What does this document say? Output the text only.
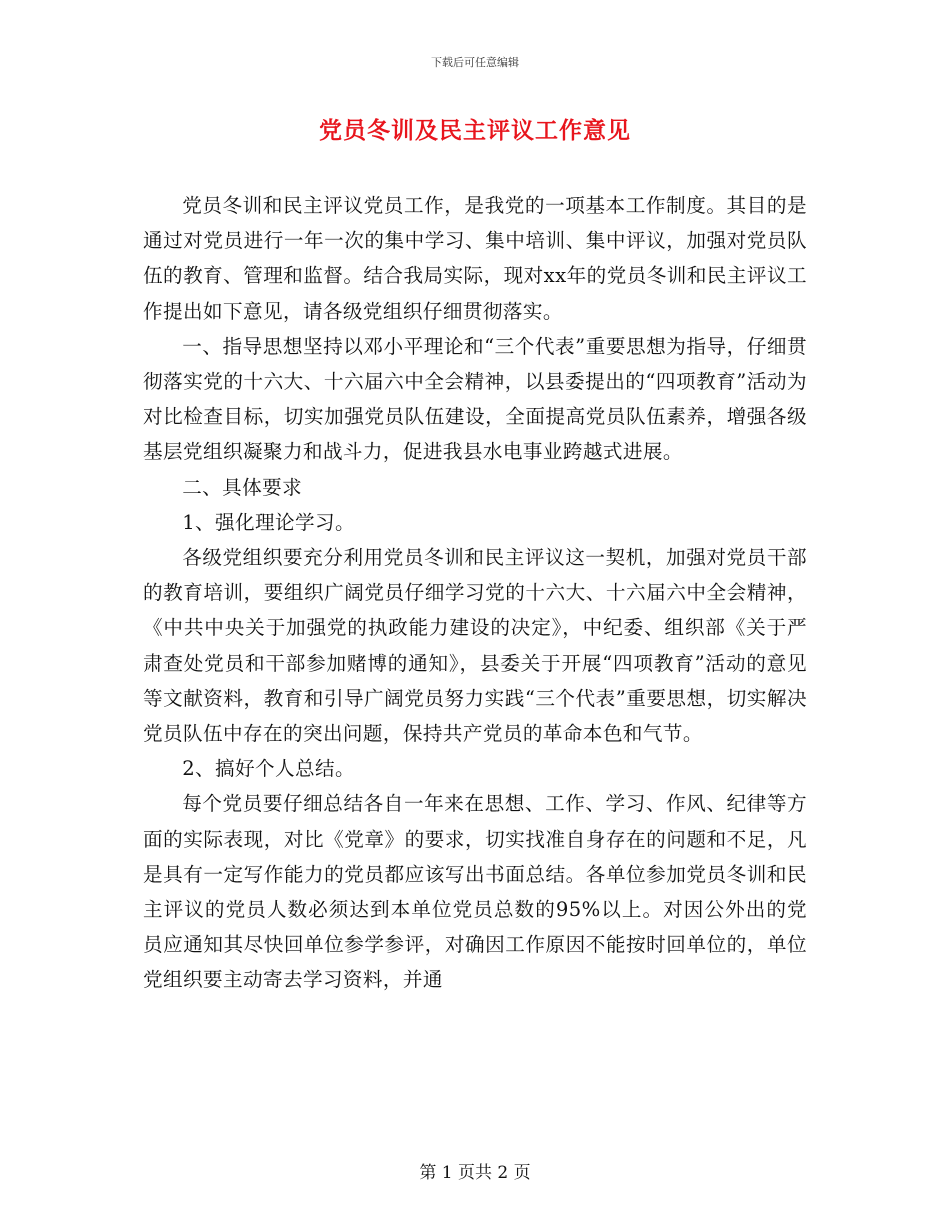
下载后可任意编辑
党员冬训及民主评议工作意见

党员冬训和民主评议党员工作，是我党的一项基本工作制度。其目的是通过对党员进行一年一次的集中学习、集中培训、集中评议，加强对党员队伍的教育、管理和监督。结合我局实际，现对xx年的党员冬训和民主评议工作提出如下意见，请各级党组织仔细贯彻落实。

一、指导思想坚持以邓小平理论和“三个代表”重要思想为指导，仔细贯彻落实党的十六大、十六届六中全会精神，以县委提出的“四项教育”活动为对比检查目标，切实加强党员队伍建设，全面提高党员队伍素养，增强各级基层党组织凝聚力和战斗力，促进我县水电事业跨越式进展。

二、具体要求

1、强化理论学习。

各级党组织要充分利用党员冬训和民主评议这一契机，加强对党员干部的教育培训，要组织广阔党员仔细学习党的十六大、十六届六中全会精神，《中共中央关于加强党的执政能力建设的决定》，中纪委、组织部《关于严肃查处党员和干部参加赌博的通知》，县委关于开展“四项教育”活动的意见等文献资料，教育和引导广阔党员努力实践“三个代表”重要思想，切实解决党员队伍中存在的突出问题，保持共产党员的革命本色和气节。

2、搞好个人总结。

每个党员要仔细总结各自一年来在思想、工作、学习、作风、纪律等方面的实际表现，对比《党章》的要求，切实找准自身存在的问题和不足，凡是具有一定写作能力的党员都应该写出书面总结。各单位参加党员冬训和民主评议的党员人数必须达到本单位党员总数的95%以上。对因公外出的党员应通知其尽快回单位参学参评，对确因工作原因不能按时回单位的，单位党组织要主动寄去学习资料，并通

第 1 页共 2 页
